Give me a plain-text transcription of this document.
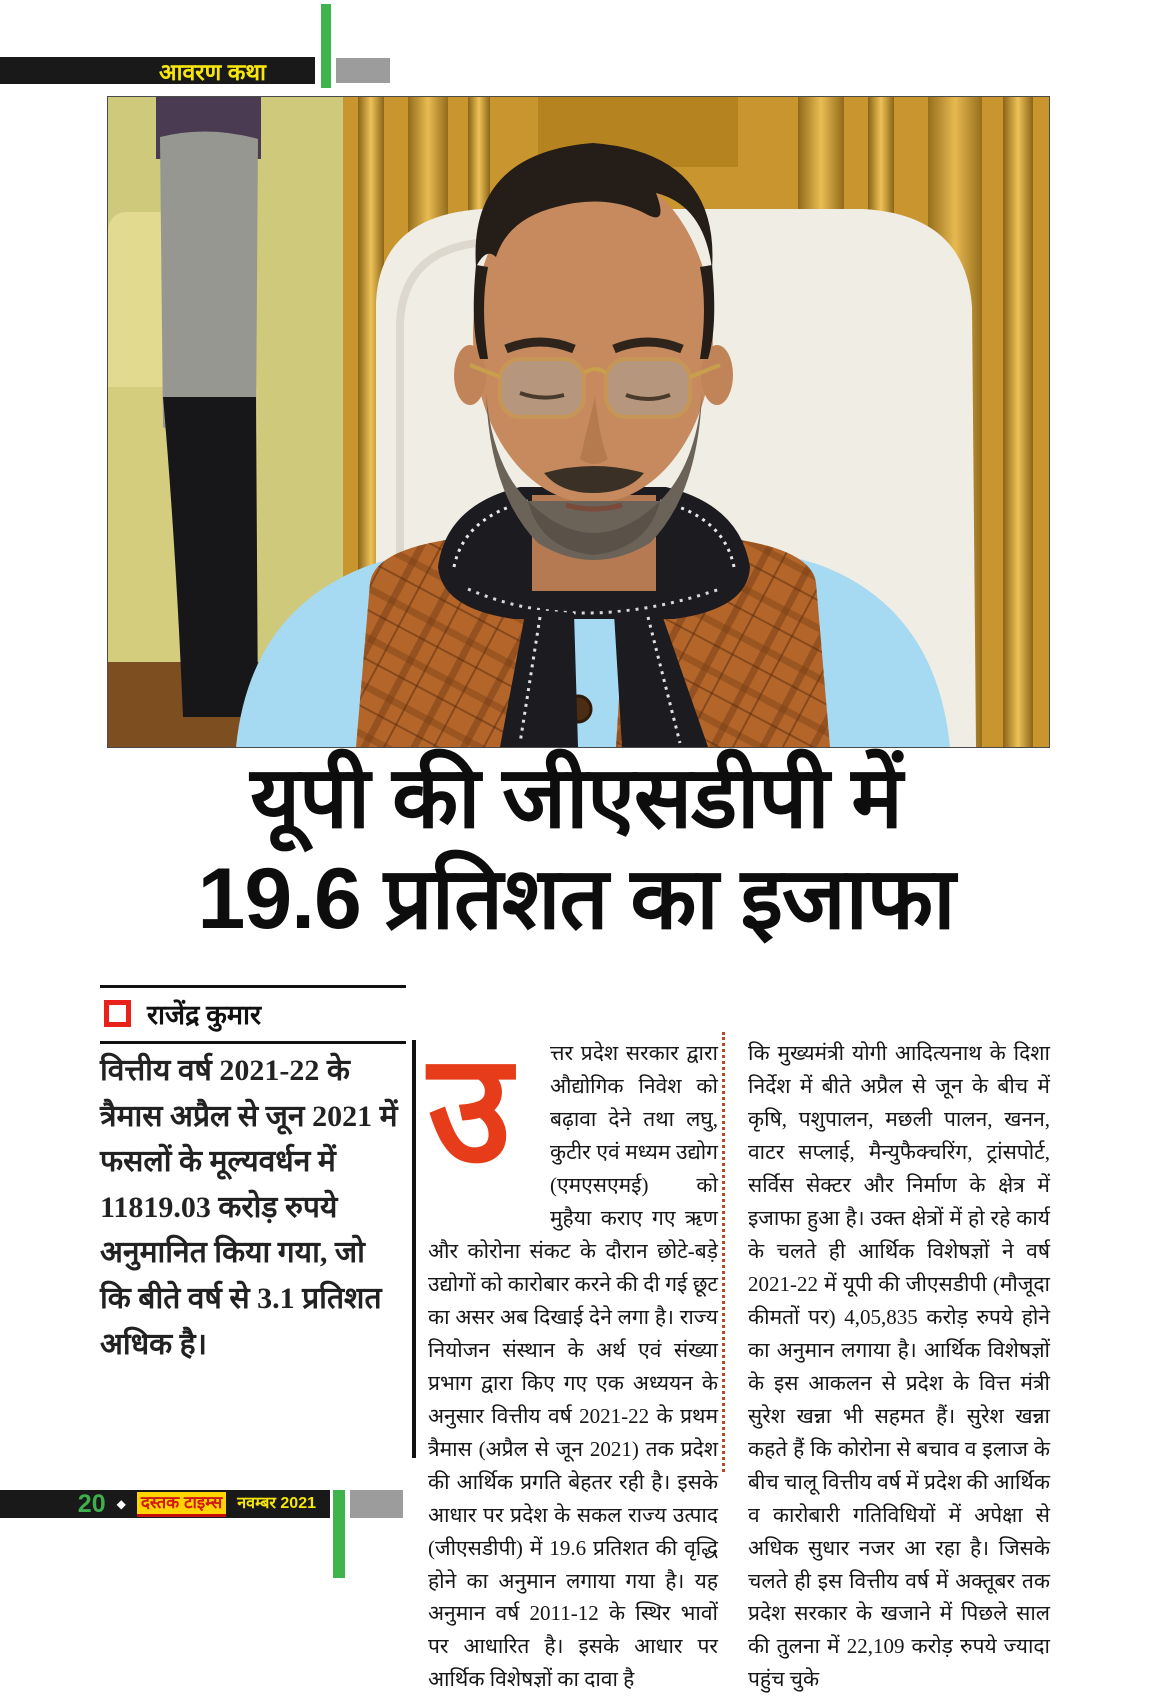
आवरण कथा
यूपी की जीएसडीपी में
19.6 प्रतिशत का इजाफा
राजेंद्र कुमार
वित्तीय वर्ष 2021-22 के त्रैमास अप्रैल से जून 2021 में फसलों के मूल्यवर्धन में 11819.03 करोड़ रुपये अनुमानित किया गया, जो कि बीते वर्ष से 3.1 प्रतिशत अधिक है।
उ	त्तर प्रदेश सरकार द्वारा औद्योगिक निवेश को बढ़ावा देने तथा लघु, कुटीर एवं मध्यम उद्योग (एमएसएमई) को मुहैया कराए गए ऋण और कोरोना संकट के दौरान छोटे-बड़े उद्योगों को कारोबार करने की दी गई छूट का असर अब दिखाई देने लगा है। राज्य नियोजन संस्थान के अर्थ एवं संख्या प्रभाग द्वारा किए गए एक अध्ययन के अनुसार वित्तीय वर्ष 2021-22 के प्रथम त्रैमास (अप्रैल से जून 2021) तक प्रदेश की आर्थिक प्रगति बेहतर रही है। इसके आधार पर प्रदेश के सकल राज्य उत्पाद (जीएसडीपी) में 19.6 प्रतिशत की वृद्धि होने का अनुमान लगाया गया है। यह अनुमान वर्ष 2011-12 के स्थिर भावों पर आधारित है। इसके आधार पर आर्थिक विशेषज्ञों का दावा है
कि मुख्यमंत्री योगी आदित्यनाथ के दिशा निर्देश में बीते अप्रैल से जून के बीच में कृषि, पशुपालन, मछली पालन, खनन, वाटर सप्लाई, मैन्युफैक्चरिंग, ट्रांसपोर्ट, सर्विस सेक्टर और निर्माण के क्षेत्र में इजाफा हुआ है। उक्त क्षेत्रों में हो रहे कार्य के चलते ही आर्थिक विशेषज्ञों ने वर्ष 2021-22 में यूपी की जीएसडीपी (मौजूदा कीमतों पर) 4,05,835 करोड़ रुपये होने का अनुमान लगाया है। आर्थिक विशेषज्ञों के इस आकलन से प्रदेश के वित्त मंत्री सुरेश खन्ना भी सहमत हैं। सुरेश खन्ना कहते हैं कि कोरोना से बचाव व इलाज के बीच चालू वित्तीय वर्ष में प्रदेश की आर्थिक व कारोबारी गतिविधियों में अपेक्षा से अधिक सुधार नजर आ रहा है। जिसके चलते ही इस वित्तीय वर्ष में अक्तूबर तक प्रदेश सरकार के खजाने में पिछले साल की तुलना में 22,109 करोड़ रुपये ज्यादा पहुंच चुके
20 ◆ दस्तक टाइम्स नवम्बर 2021
